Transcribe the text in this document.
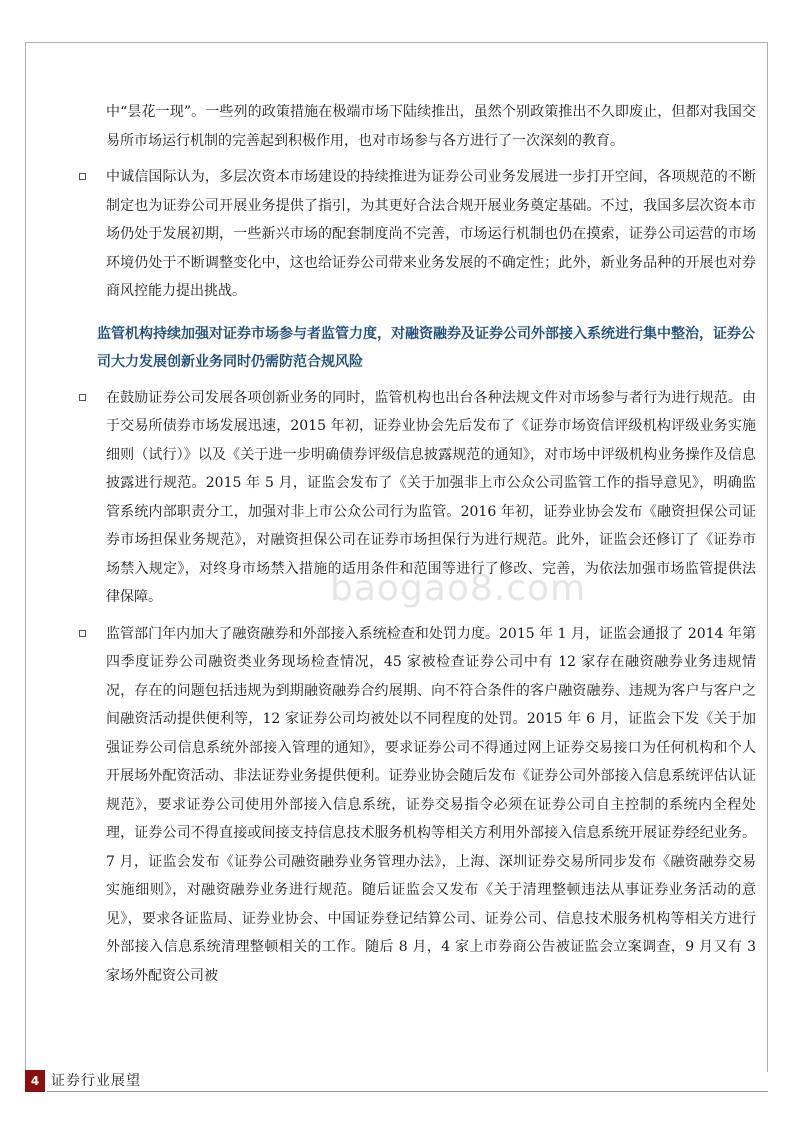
中“昙花一现”。一些列的政策措施在极端市场下陆续推出，虽然个别政策推出不久即废止，但都对我国交易所市场运行机制的完善起到积极作用，也对市场参与各方进行了一次深刻的教育。

中诚信国际认为，多层次资本市场建设的持续推进为证券公司业务发展进一步打开空间，各项规范的不断制定也为证券公司开展业务提供了指引，为其更好合法合规开展业务奠定基础。不过，我国多层次资本市场仍处于发展初期，一些新兴市场的配套制度尚不完善，市场运行机制也仍在摸索，证券公司运营的市场环境仍处于不断调整变化中，这也给证券公司带来业务发展的不确定性；此外，新业务品种的开展也对券商风控能力提出挑战。
监管机构持续加强对证券市场参与者监管力度，对融资融券及证券公司外部接入系统进行集中整治，证券公司大力发展创新业务同时仍需防范合规风险
在鼓励证券公司发展各项创新业务的同时，监管机构也出台各种法规文件对市场参与者行为进行规范。由于交易所债券市场发展迅速，2015 年初，证券业协会先后发布了《证券市场资信评级机构评级业务实施细则（试行）》以及《关于进一步明确债券评级信息披露规范的通知》，对市场中评级机构业务操作及信息披露进行规范。2015 年 5 月，证监会发布了《关于加强非上市公众公司监管工作的指导意见》，明确监管系统内部职责分工，加强对非上市公众公司行为监管。2016 年初，证券业协会发布《融资担保公司证券市场担保业务规范》，对融资担保公司在证券市场担保行为进行规范。此外，证监会还修订了《证券市场禁入规定》，对终身市场禁入措施的适用条件和范围等进行了修改、完善，为依法加强市场监管提供法律保障。
监管部门年内加大了融资融券和外部接入系统检查和处罚力度。2015 年 1 月，证监会通报了 2014 年第四季度证券公司融资类业务现场检查情况，45 家被检查证券公司中有 12 家存在融资融券业务违规情况，存在的问题包括违规为到期融资融券合约展期、向不符合条件的客户融资融券、违规为客户与客户之间融资活动提供便利等，12 家证券公司均被处以不同程度的处罚。2015 年 6 月，证监会下发《关于加强证券公司信息系统外部接入管理的通知》，要求证券公司不得通过网上证券交易接口为任何机构和个人开展场外配资活动、非法证券业务提供便利。证券业协会随后发布《证券公司外部接入信息系统评估认证规范》，要求证券公司使用外部接入信息系统，证券交易指令必须在证券公司自主控制的系统内全程处理，证券公司不得直接或间接支持信息技术服务机构等相关方利用外部接入信息系统开展证券经纪业务。7 月，证监会发布《证券公司融资融券业务管理办法》，上海、深圳证券交易所同步发布《融资融券交易实施细则》，对融资融券业务进行规范。随后证监会又发布《关于清理整顿违法从事证券业务活动的意见》，要求各证监局、证券业协会、中国证券登记结算公司、证券公司、信息技术服务机构等相关方进行外部接入信息系统清理整顿相关的工作。随后 8 月，4 家上市券商公告被证监会立案调查，9 月又有 3 家场外配资公司被
baogao8.com
4 证券行业展望
